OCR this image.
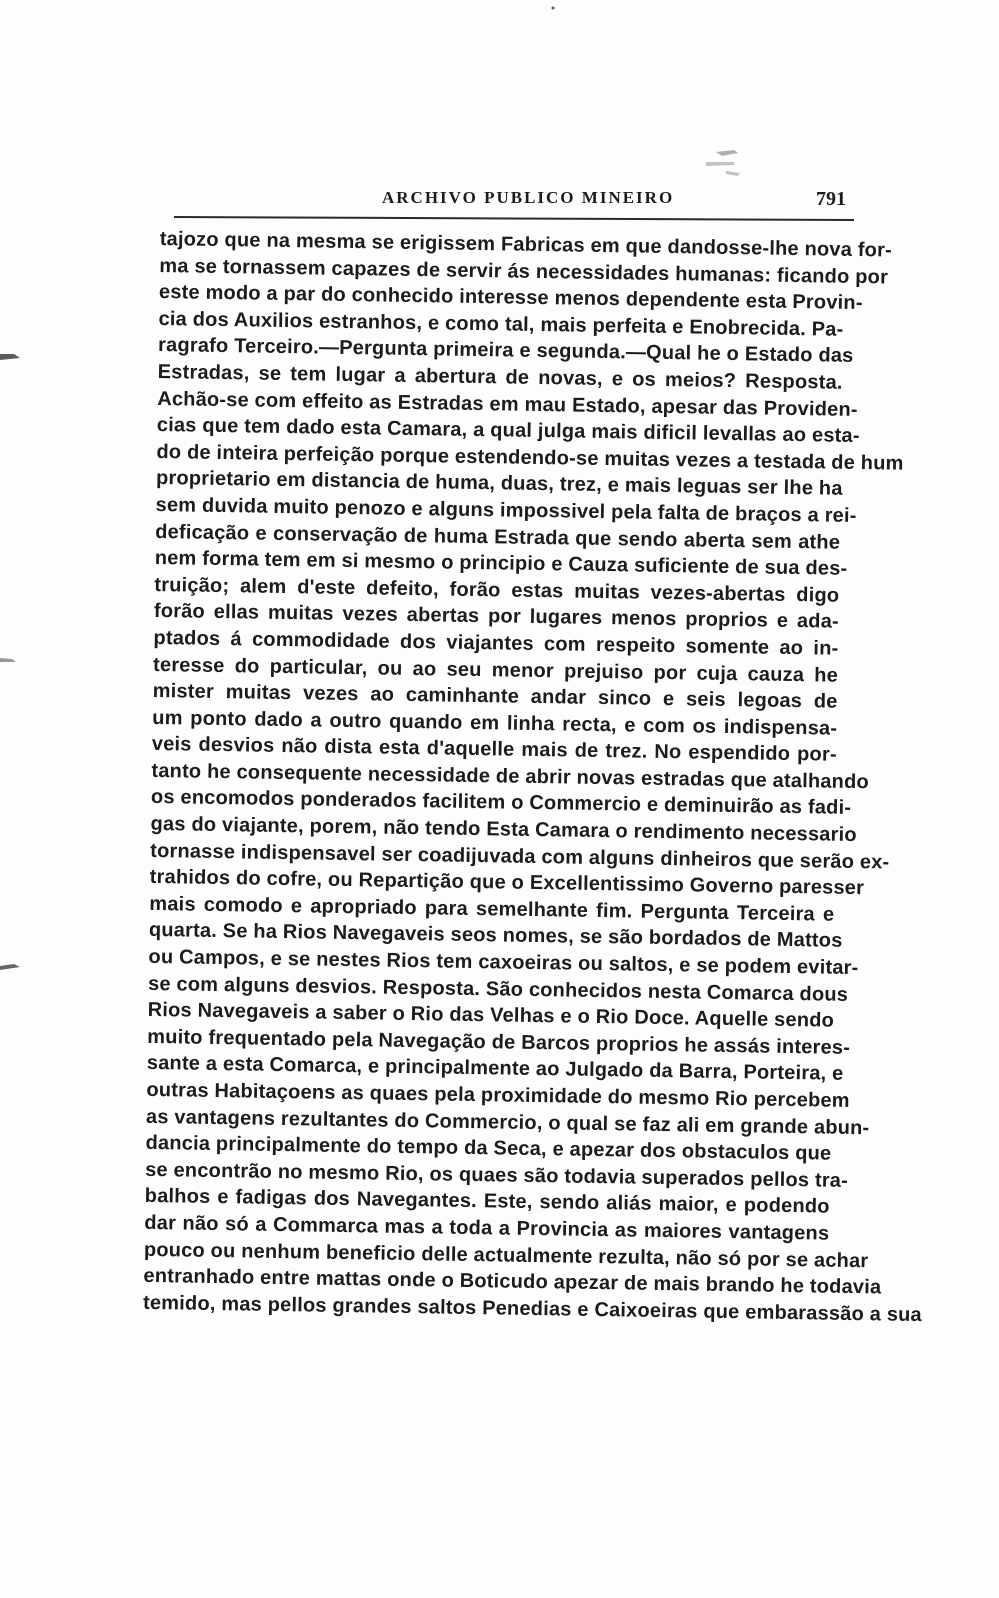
ARCHIVO PUBLICO MINEIRO	791
tajozo que na mesma se erigissem Fabricas em que dandosse-lhe nova for-
ma se tornassem capazes de servir ás necessidades humanas: ficando por
este modo a par do conhecido interesse menos dependente esta Provin-
cia dos Auxilios estranhos, e como tal, mais perfeita e Enobrecida. Pa-
ragrafo Terceiro.—Pergunta primeira e segunda.—Qual he o Estado das
Estradas, se tem lugar a abertura de novas, e os meios? Resposta.
Achão-se com effeito as Estradas em mau Estado, apesar das Providen-
cias que tem dado esta Camara, a qual julga mais dificil levallas ao esta-
do de inteira perfeição porque estendendo-se muitas vezes a testada de hum
proprietario em distancia de huma, duas, trez, e mais leguas ser lhe ha
sem duvida muito penozo e alguns impossivel pela falta de braços a rei-
deficação e conservação de huma Estrada que sendo aberta sem athe
nem forma tem em si mesmo o principio e Cauza suficiente de sua des-
truição; alem d'este defeito, forão estas muitas vezes-abertas digo
forão ellas muitas vezes abertas por lugares menos proprios e ada-
ptados á commodidade dos viajantes com respeito somente ao in-
teresse do particular, ou ao seu menor prejuiso por cuja cauza he
mister muitas vezes ao caminhante andar sinco e seis legoas de
um ponto dado a outro quando em linha recta, e com os indispensa-
veis desvios não dista esta d'aquelle mais de trez. No espendido por-
tanto he consequente necessidade de abrir novas estradas que atalhando
os encomodos ponderados facilitem o Commercio e deminuirão as fadi-
gas do viajante, porem, não tendo Esta Camara o rendimento necessario
tornasse indispensavel ser coadijuvada com alguns dinheiros que serão ex-
trahidos do cofre, ou Repartição que o Excellentissimo Governo paresser
mais comodo e apropriado para semelhante fim. Pergunta Terceira e
quarta. Se ha Rios Navegaveis seos nomes, se são bordados de Mattos
ou Campos, e se nestes Rios tem caxoeiras ou saltos, e se podem evitar-
se com alguns desvios. Resposta. São conhecidos nesta Comarca dous
Rios Navegaveis a saber o Rio das Velhas e o Rio Doce. Aquelle sendo
muito frequentado pela Navegação de Barcos proprios he assás interes-
sante a esta Comarca, e principalmente ao Julgado da Barra, Porteira, e
outras Habitaçoens as quaes pela proximidade do mesmo Rio percebem
as vantagens rezultantes do Commercio, o qual se faz ali em grande abun-
dancia principalmente do tempo da Seca, e apezar dos obstaculos que
se encontrão no mesmo Rio, os quaes são todavia superados pellos tra-
balhos e fadigas dos Navegantes. Este, sendo aliás maior, e podendo
dar não só a Commarca mas a toda a Provincia as maiores vantagens
pouco ou nenhum beneficio delle actualmente rezulta, não só por se achar
entranhado entre mattas onde o Boticudo apezar de mais brando he todavia
temido, mas pellos grandes saltos Penedias e Caixoeiras que embarassão a sua
